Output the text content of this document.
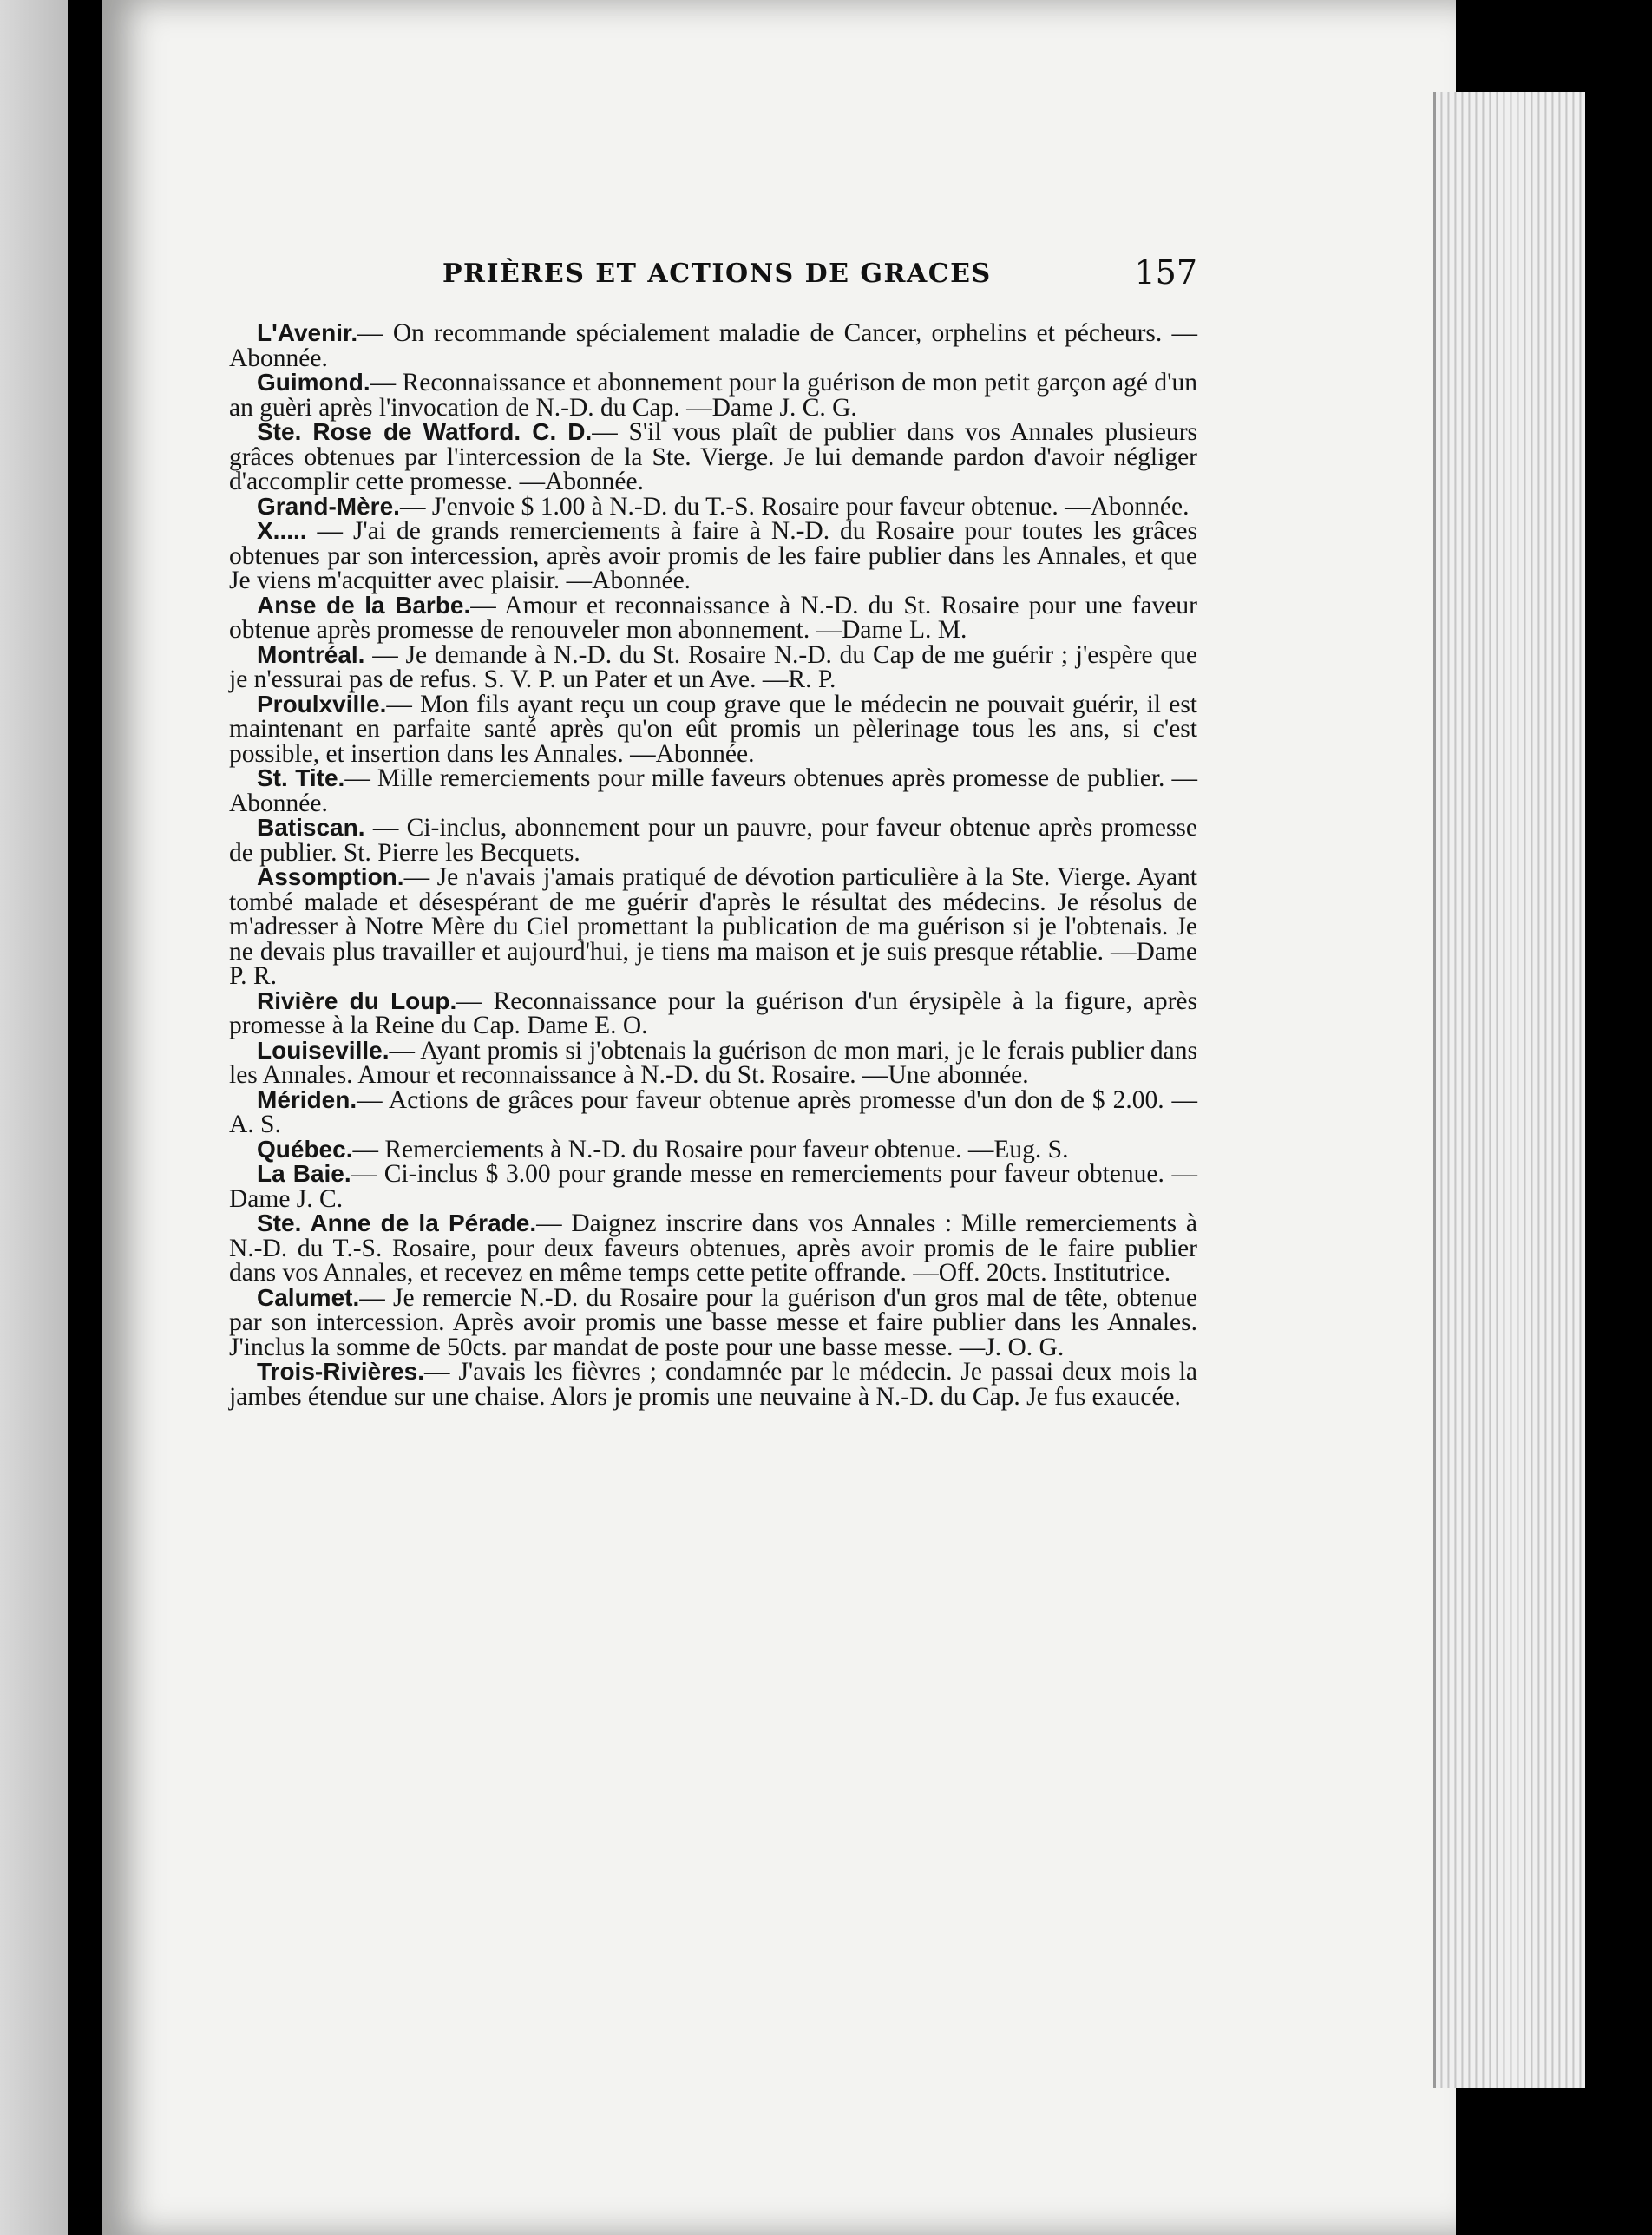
PRIÈRES ET ACTIONS DE GRACES	157

L'Avenir.— On recommande spécialement maladie de Cancer, orphelins et pécheurs. —Abonnée.

Guimond.— Reconnaissance et abonnement pour la guérison de mon petit garçon agé d'un an guèri après l'invocation de N.-D. du Cap. —Dame J. C. G.

Ste. Rose de Watford. C. D.— S'il vous plaît de publier dans vos Annales plusieurs grâces obtenues par l'intercession de la Ste. Vierge. Je lui demande pardon d'avoir négliger d'accomplir cette promesse. —Abonnée.

Grand-Mère.— J'envoie $ 1.00 à N.-D. du T.-S. Rosaire pour faveur obtenue. —Abonnée.

X..... — J'ai de grands remerciements à faire à N.-D. du Rosaire pour toutes les grâces obtenues par son intercession, après avoir promis de les faire publier dans les Annales, et que Je viens m'acquitter avec plaisir. —Abonnée.

Anse de la Barbe.— Amour et reconnaissance à N.-D. du St. Rosaire pour une faveur obtenue après promesse de renouveler mon abonnement. —Dame L. M.

Montréal. — Je demande à N.-D. du St. Rosaire N.-D. du Cap de me guérir ; j'espère que je n'essurai pas de refus. S. V. P. un Pater et un Ave. —R. P.

Proulxville.— Mon fils ayant reçu un coup grave que le médecin ne pouvait guérir, il est maintenant en parfaite santé après qu'on eût promis un pèlerinage tous les ans, si c'est possible, et insertion dans les Annales. —Abonnée.

St. Tite.— Mille remerciements pour mille faveurs obtenues après promesse de publier. —Abonnée.

Batiscan. — Ci-inclus, abonnement pour un pauvre, pour faveur obtenue après promesse de publier. St. Pierre les Becquets.

Assomption.— Je n'avais j'amais pratiqué de dévotion particulière à la Ste. Vierge. Ayant tombé malade et désespérant de me guérir d'après le résultat des médecins. Je résolus de m'adresser à Notre Mère du Ciel promettant la publication de ma guérison si je l'obtenais. Je ne devais plus travailler et aujourd'hui, je tiens ma maison et je suis presque rétablie. —Dame P. R.

Rivière du Loup.— Reconnaissance pour la guérison d'un érysipèle à la figure, après promesse à la Reine du Cap. Dame E. O.

Louiseville.— Ayant promis si j'obtenais la guérison de mon mari, je le ferais publier dans les Annales. Amour et reconnaissance à N.-D. du St. Rosaire. —Une abonnée.

Mériden.— Actions de grâces pour faveur obtenue après promesse d'un don de $ 2.00. —A. S.

Québec.— Remerciements à N.-D. du Rosaire pour faveur obtenue. —Eug. S.

La Baie.— Ci-inclus $ 3.00 pour grande messe en remerciements pour faveur obtenue. —Dame J. C.

Ste. Anne de la Pérade.— Daignez inscrire dans vos Annales : Mille remerciements à N.-D. du T.-S. Rosaire, pour deux faveurs obtenues, après avoir promis de le faire publier dans vos Annales, et recevez en même temps cette petite offrande. —Off. 20cts. Institutrice.

Calumet.— Je remercie N.-D. du Rosaire pour la guérison d'un gros mal de tête, obtenue par son intercession. Après avoir promis une basse messe et faire publier dans les Annales. J'inclus la somme de 50cts. par mandat de poste pour une basse messe. —J. O. G.

Trois-Rivières.— J'avais les fièvres ; condamnée par le médecin. Je passai deux mois la jambes étendue sur une chaise. Alors je promis une neuvaine à N.-D. du Cap. Je fus exaucée.
